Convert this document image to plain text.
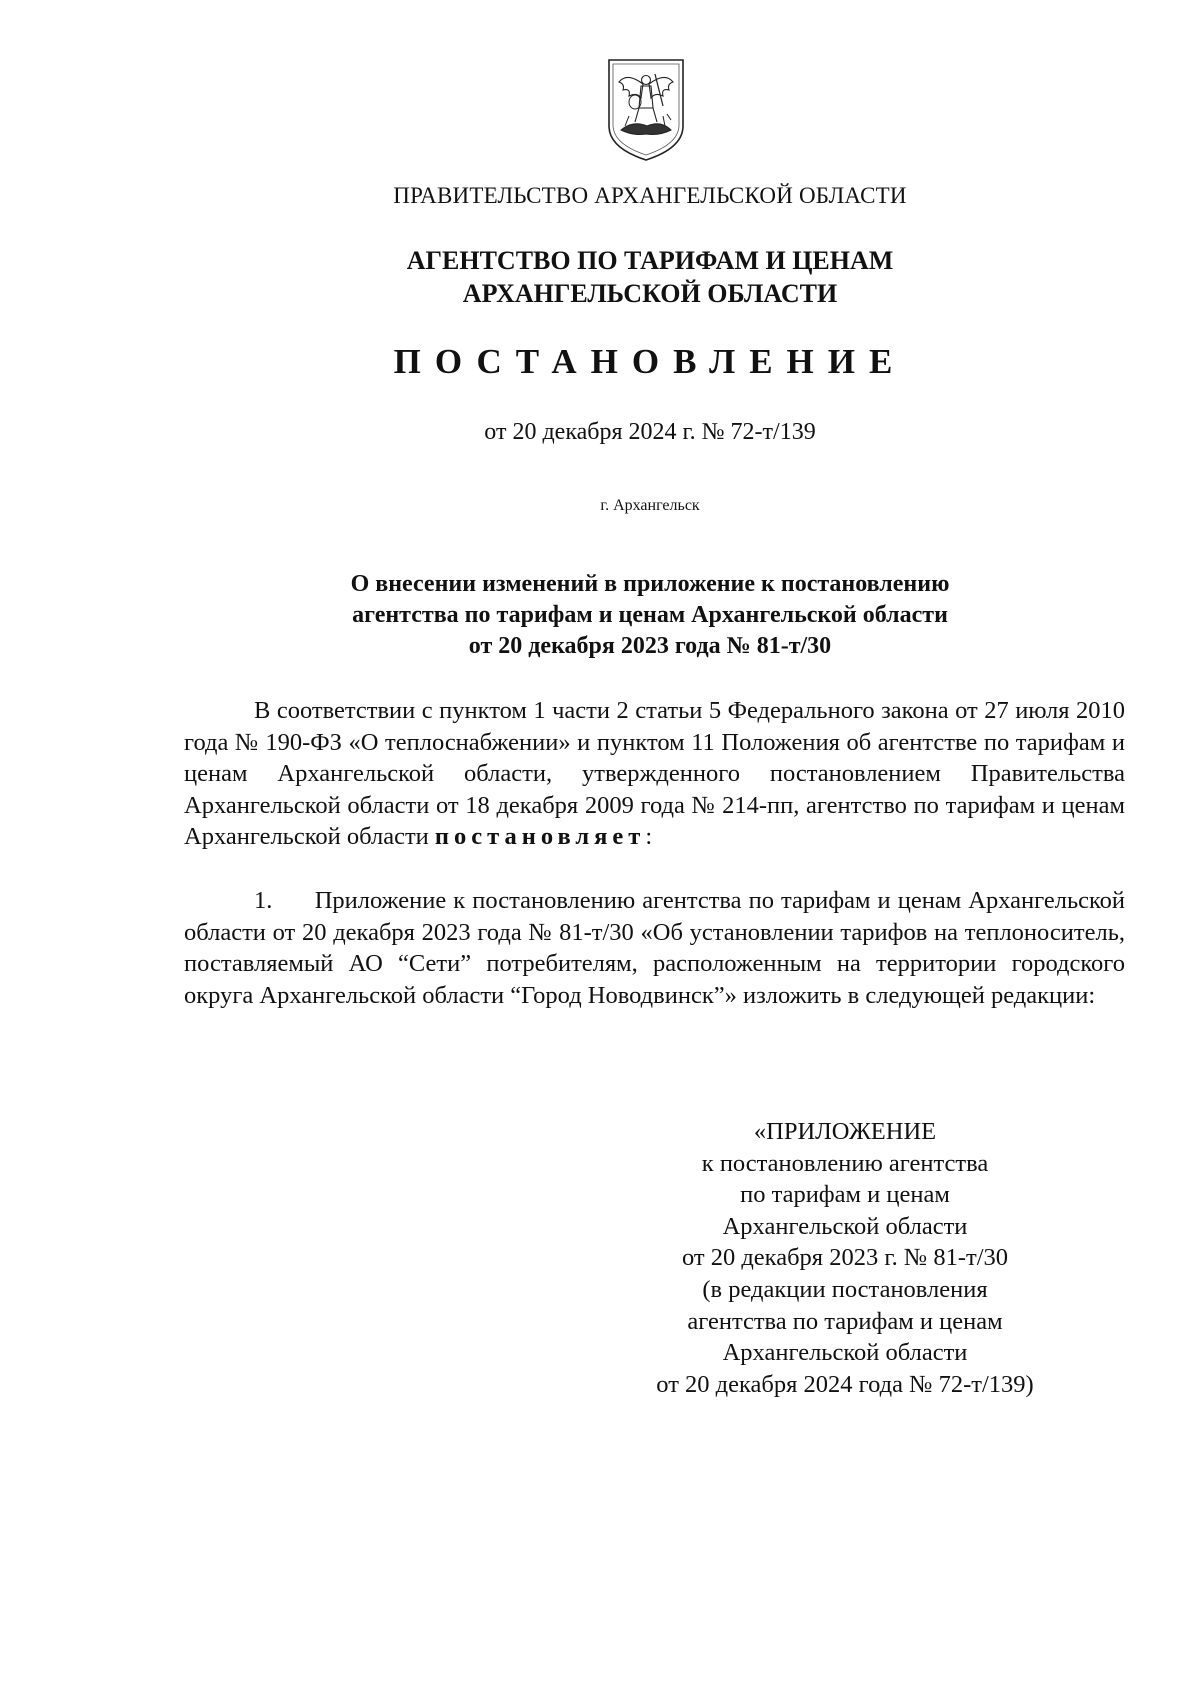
ПРАВИТЕЛЬСТВО АРХАНГЕЛЬСКОЙ ОБЛАСТИ
АГЕНТСТВО ПО ТАРИФАМ И ЦЕНАМ
АРХАНГЕЛЬСКОЙ ОБЛАСТИ
ПОСТАНОВЛЕНИЕ
от 20 декабря 2024 г. № 72-т/139
г. Архангельск
О внесении изменений в приложение к постановлению
агентства по тарифам и ценам Архангельской области
от 20 декабря 2023 года № 81-т/30
В соответствии с пунктом 1 части 2 статьи 5 Федерального закона от 27 июля 2010 года № 190-ФЗ «О теплоснабжении» и пунктом 11 Положения об агентстве по тарифам и ценам Архангельской области, утвержденного постановлением Правительства Архангельской области от 18 декабря 2009 года № 214-пп, агентство по тарифам и ценам Архангельской области постановляет:
1. Приложение к постановлению агентства по тарифам и ценам Архангельской области от 20 декабря 2023 года № 81-т/30 «Об установлении тарифов на теплоноситель, поставляемый АО “Сети” потребителям, расположенным на территории городского округа Архангельской области “Город Новодвинск”» изложить в следующей редакции:
«ПРИЛОЖЕНИЕ
к постановлению агентства
по тарифам и ценам
Архангельской области
от 20 декабря 2023 г. № 81-т/30
(в редакции постановления
агентства по тарифам и ценам
Архангельской области
от 20 декабря 2024 года № 72-т/139)
